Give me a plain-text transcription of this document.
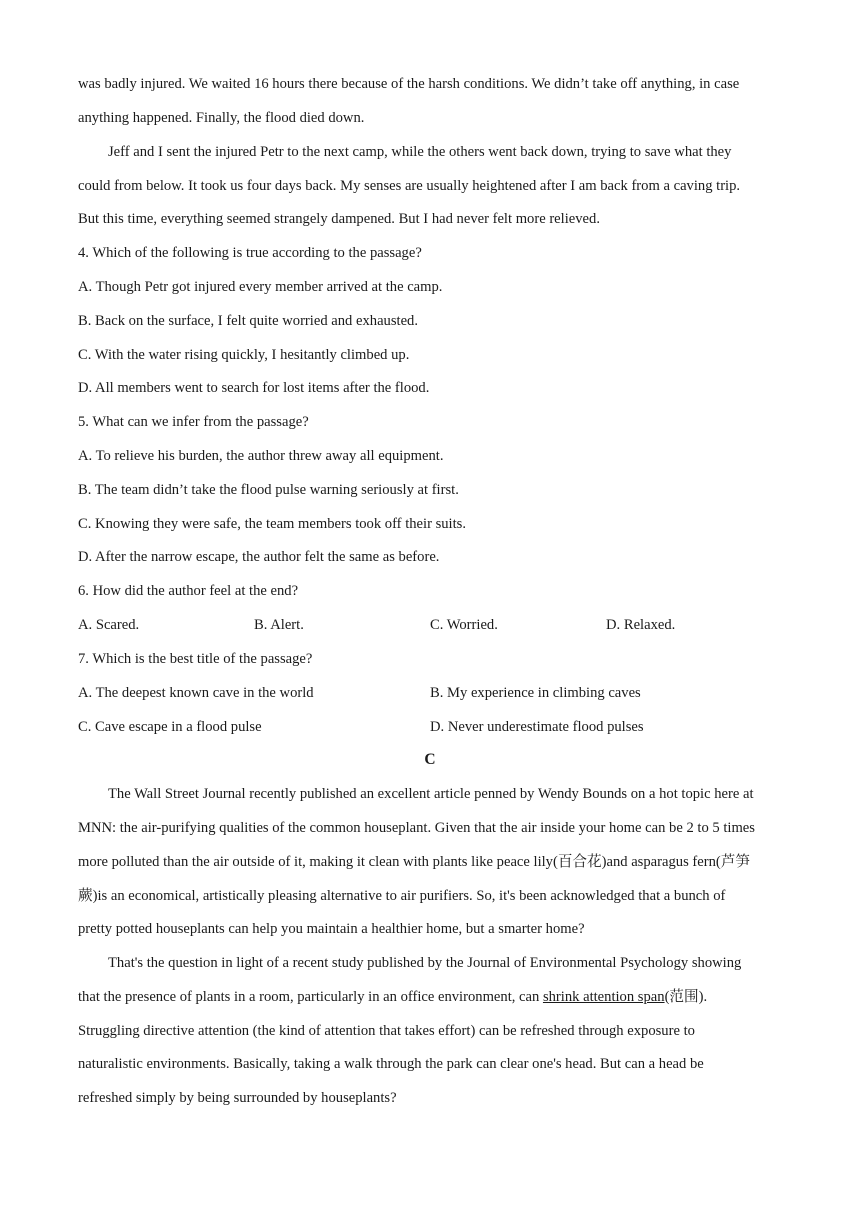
was badly injured. We waited 16 hours there because of the harsh conditions. We didn’t take off anything, in case
anything happened. Finally, the flood died down.
Jeff and I sent the injured Petr to the next camp, while the others went back down, trying to save what they
could from below. It took us four days back. My senses are usually heightened after I am back from a caving trip.
But this time, everything seemed strangely dampened. But I had never felt more relieved.
4. Which of the following is true according to the passage?
A. Though Petr got injured every member arrived at the camp.
B. Back on the surface, I felt quite worried and exhausted.
C. With the water rising quickly, I hesitantly climbed up.
D. All members went to search for lost items after the flood.
5. What can we infer from the passage?
A. To relieve his burden, the author threw away all equipment.
B. The team didn’t take the flood pulse warning seriously at first.
C. Knowing they were safe, the team members took off their suits.
D. After the narrow escape, the author felt the same as before.
6. How did the author feel at the end?
A. Scared.	B. Alert.	C. Worried.	D. Relaxed.
7. Which is the best title of the passage?
A. The deepest known cave in the world	B. My experience in climbing caves
C. Cave escape in a flood pulse	D. Never underestimate flood pulses
C
The Wall Street Journal recently published an excellent article penned by Wendy Bounds on a hot topic here at
MNN: the air-purifying qualities of the common houseplant. Given that the air inside your home can be 2 to 5 times
more polluted than the air outside of it, making it clean with plants like peace lily(百合花)and asparagus fern(芦笋
蕨)is an economical, artistically pleasing alternative to air purifiers. So, it's been acknowledged that a bunch of
pretty potted houseplants can help you maintain a healthier home, but a smarter home?
That's the question in light of a recent study published by the Journal of Environmental Psychology showing
that the presence of plants in a room, particularly in an office environment, can shrink attention span(范围).
Struggling directive attention (the kind of attention that takes effort) can be refreshed through exposure to
naturalistic environments. Basically, taking a walk through the park can clear one's head. But can a head be
refreshed simply by being surrounded by houseplants?
